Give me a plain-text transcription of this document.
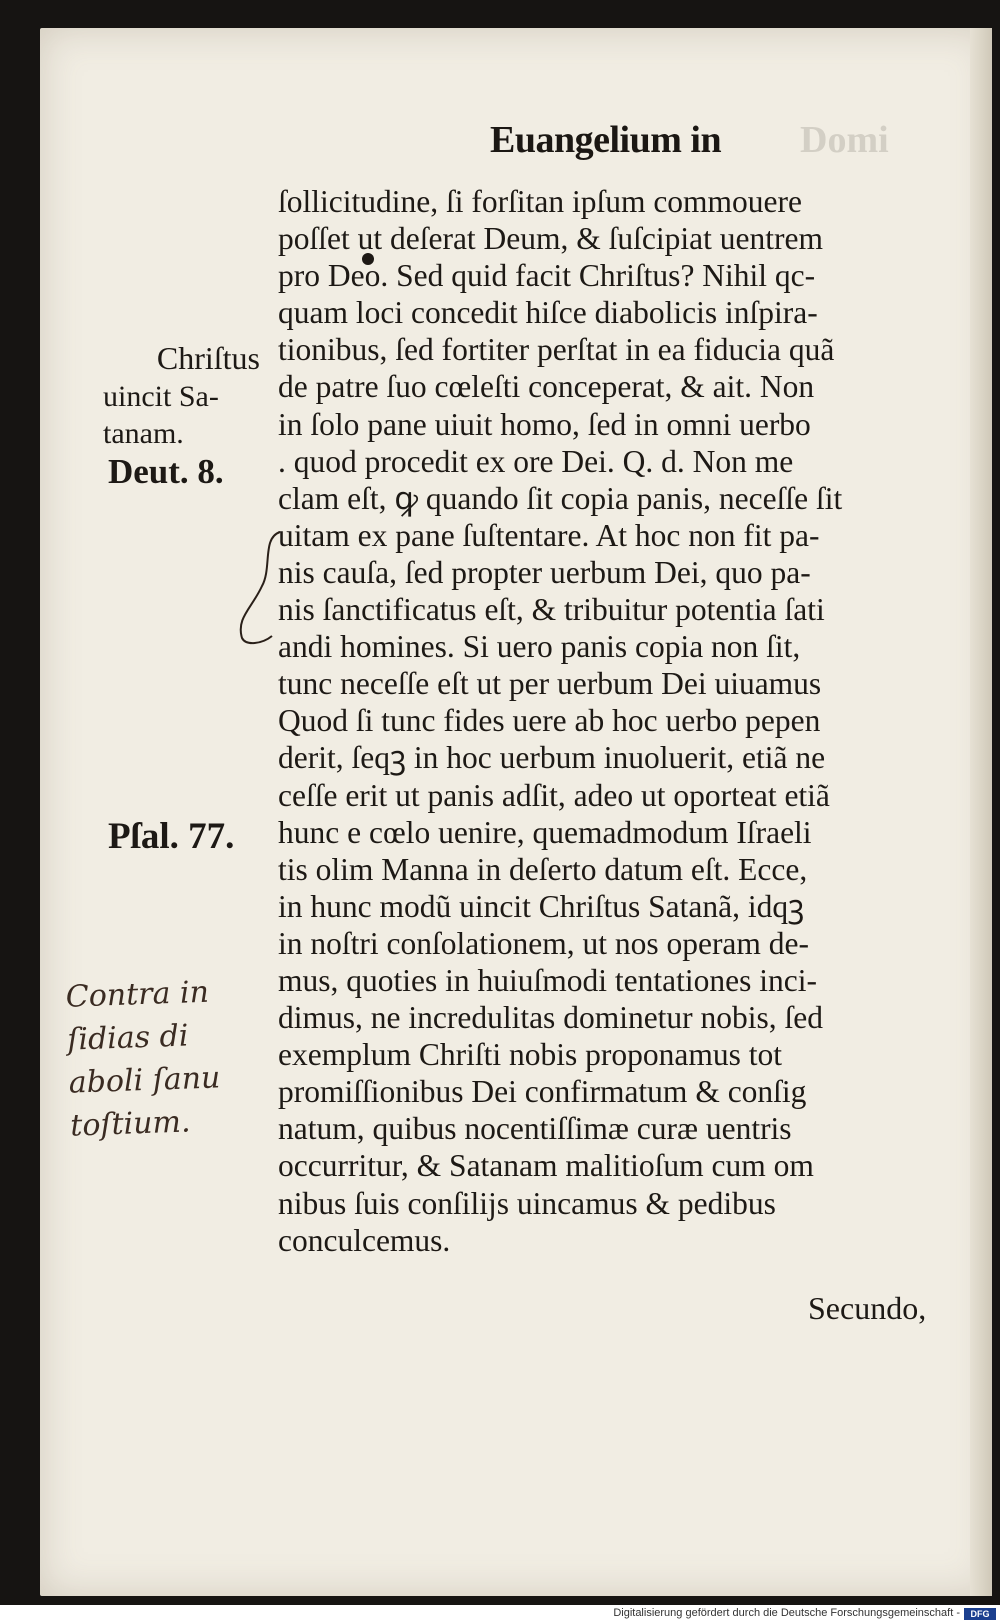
Domi
Euangelium in
ſollicitudine, ſi forſitan ipſum commouere
poſſet ut deſerat Deum, & ſuſcipiat uentrem
pro Deo. Sed quid facit Chriſtus? Nihil qc-
quam loci concedit hiſce diabolicis inſpira-
tionibus, ſed fortiter perſtat in ea fiducia quã
de patre ſuo cœleſti conceperat, & ait. Non
in ſolo pane uiuit homo, ſed in omni uerbo
. quod procedit ex ore Dei. Q. d. Non me
clam eſt, ꝙ quando ſit copia panis, neceſſe ſit
uitam ex pane ſuſtentare. At hoc non fit pa-
nis cauſa, ſed propter uerbum Dei, quo pa-
nis ſanctificatus eſt, & tribuitur potentia ſati
andi homines. Si uero panis copia non ſit,
tunc neceſſe eſt ut per uerbum Dei uiuamus
Quod ſi tunc fides uere ab hoc uerbo pepen
derit, ſeqꝫ in hoc uerbum inuoluerit, etiã ne
ceſſe erit ut panis adſit, adeo ut oporteat etiã
hunc e cœlo uenire, quemadmodum Iſraeli
tis olim Manna in deſerto datum eſt. Ecce,
in hunc modũ uincit Chriſtus Satanã, idqꝫ
in noſtri conſolationem, ut nos operam de-
mus, quoties in huiuſmodi tentationes inci-
dimus, ne incredulitas dominetur nobis, ſed
exemplum Chriſti nobis proponamus tot
promiſſionibus Dei confirmatum & conſig
natum, quibus nocentiſſimæ curæ uentris
occurritur, & Satanam malitioſum cum om
nibus ſuis conſilijs uincamus & pedibus
conculcemus.
Chriſtus
uincit Sa-
tanam.
Deut. 8.
Pſal. 77.
Contra in
ſidias di
aboli ſanu
toſtium.
Secundo,
Digitalisierung gefördert durch die Deutsche Forschungsgemeinschaft -	DFG
